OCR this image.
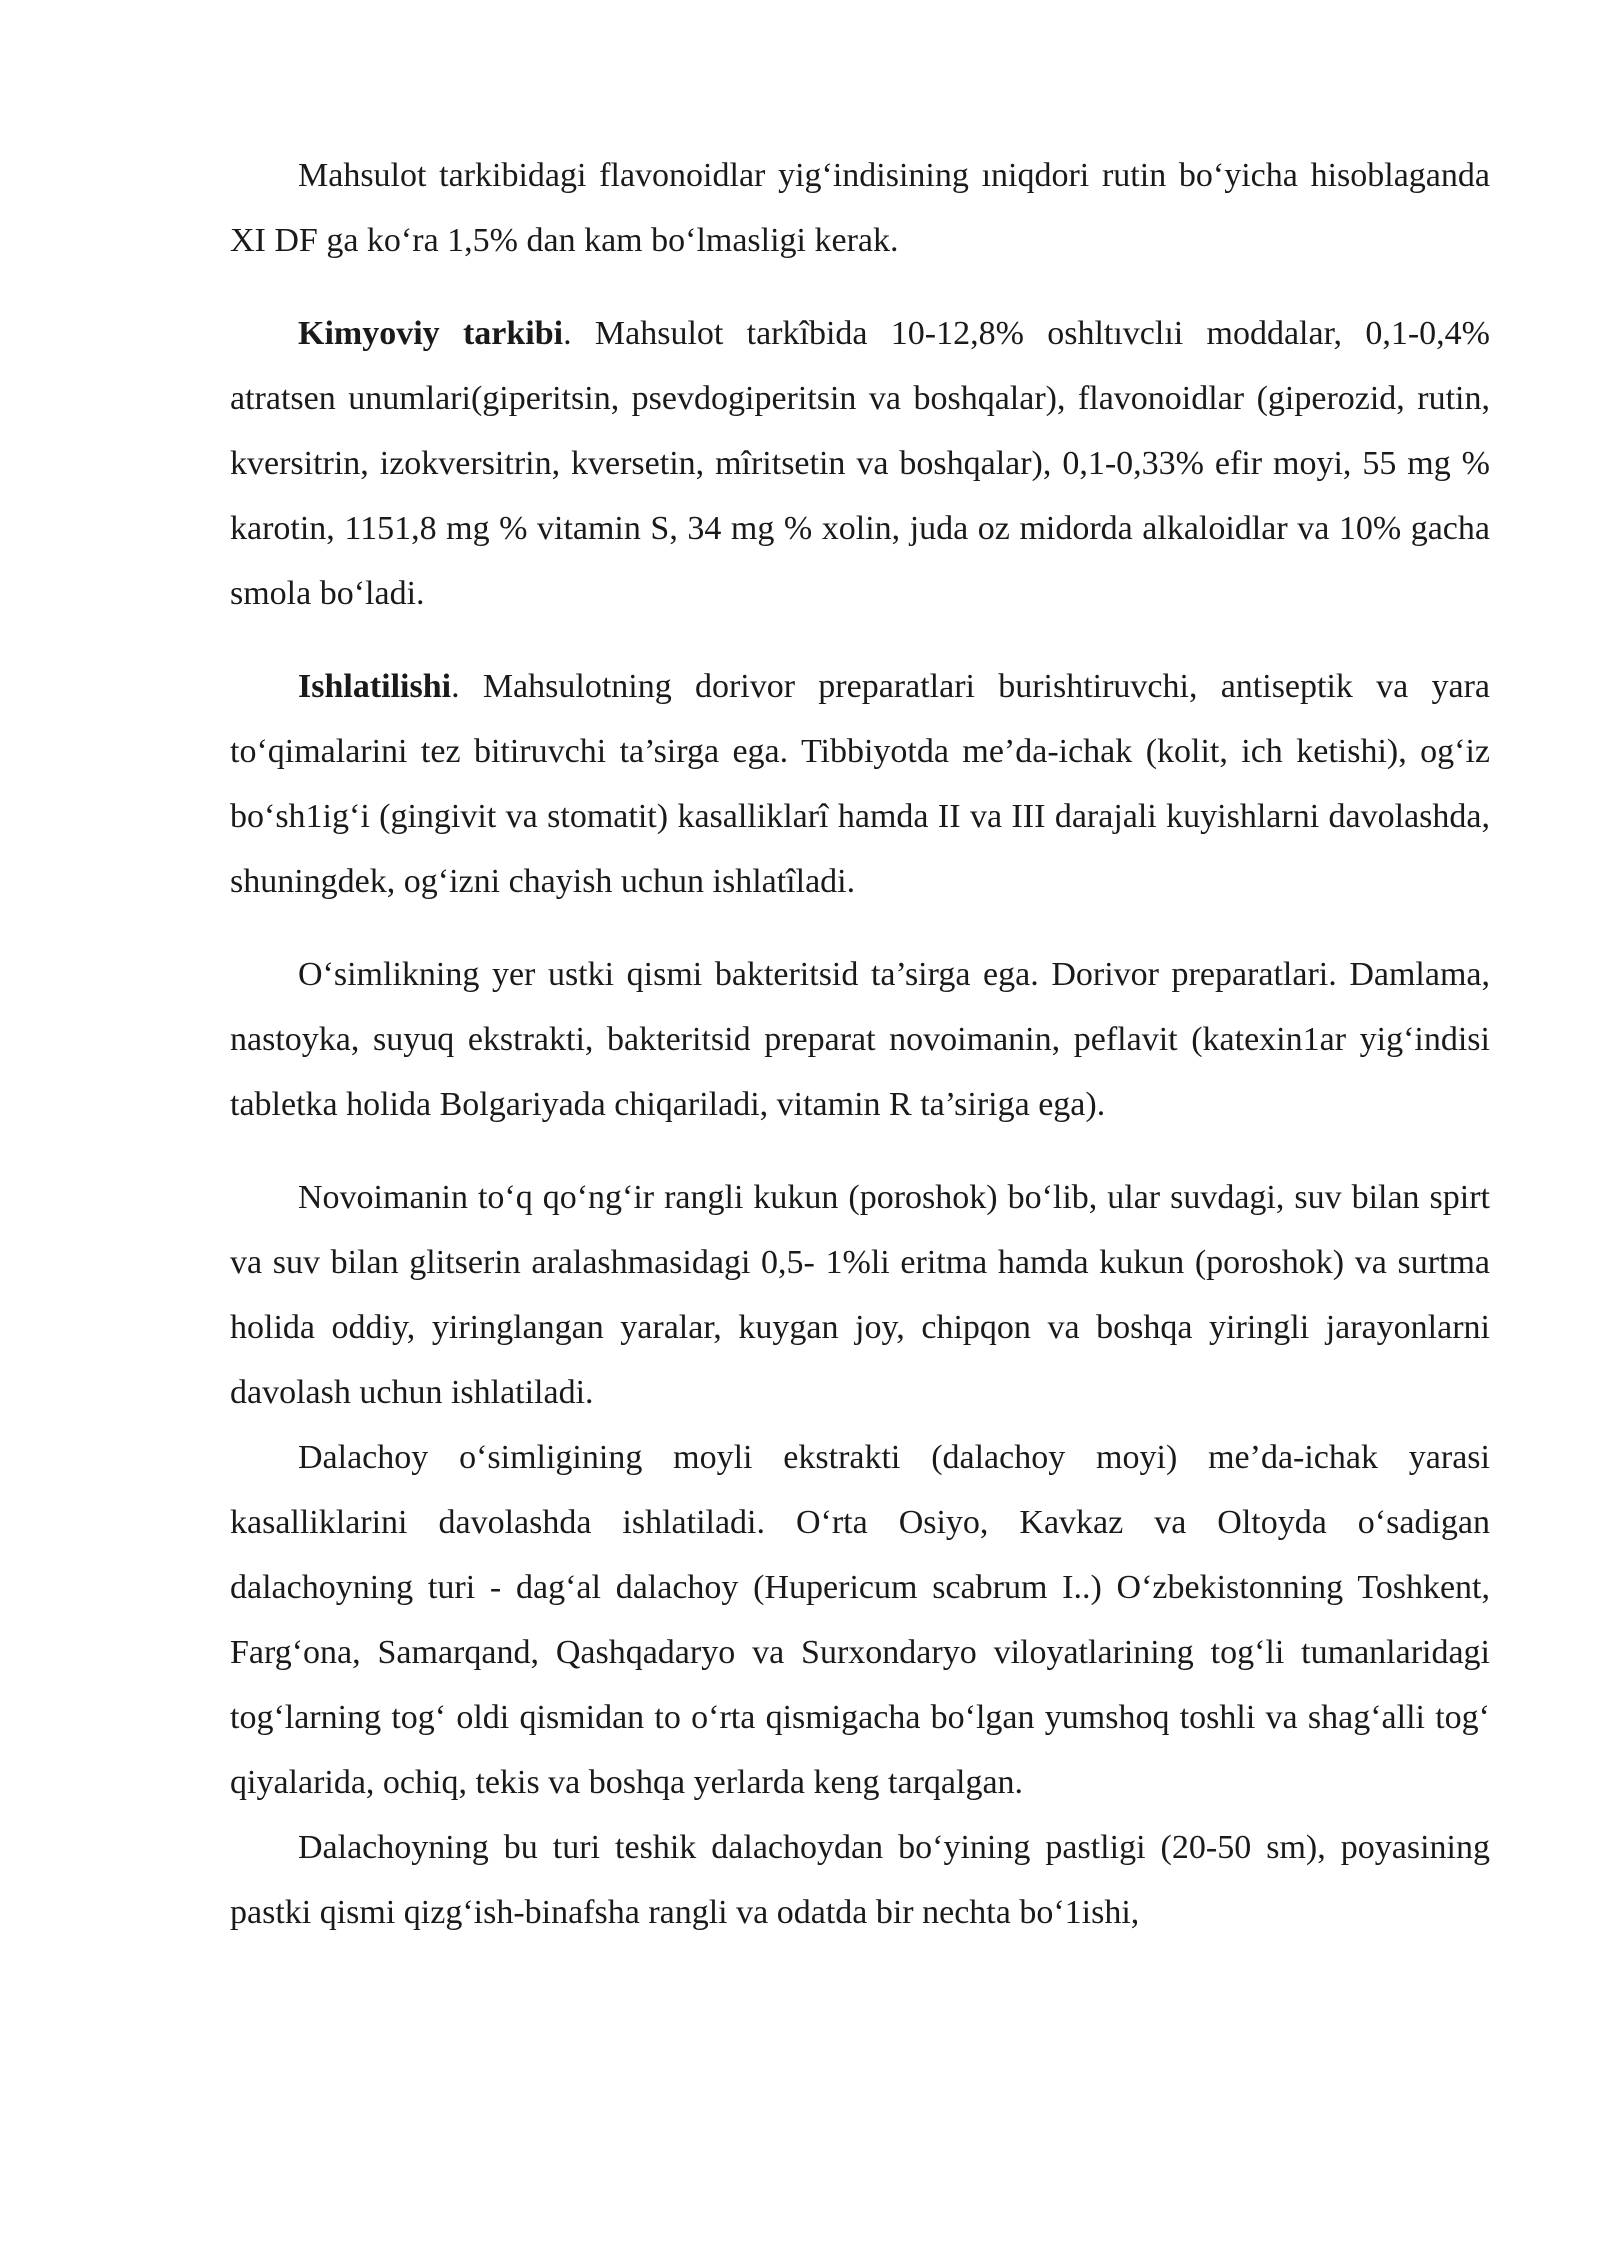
Mahsulot tarkibidagi flavonoidlar yig‘indisining ıniqdori rutin bo‘yicha hisoblaganda XI DF ga ko‘ra 1,5% dan kam bo‘lmasligi kerak.

Kimyoviy tarkibi. Mahsulot tarkîbida 10-12,8% oshltıvclıi moddalar, 0,1-0,4% atratsen unumlari(giperitsin, psevdogiperitsin va boshqalar), flavonoidlar (giperozid, rutin, kversitrin, izokversitrin, kversetin, mîritsetin va boshqalar), 0,1-0,33% efir moyi, 55 mg % karotin, 1151,8 mg % vitamin S, 34 mg % xolin, juda oz midorda alkaloidlar va 10% gacha smola bo‘ladi.

Ishlatilishi. Mahsulotning dorivor preparatlari burishtiruvchi, antiseptik va yara to‘qimalarini tez bitiruvchi ta’sirga ega. Tibbiyotda me’da-ichak (kolit, ich ketishi), og‘iz bo‘sh1ig‘i (gingivit va stomatit) kasalliklarî hamda II va III darajali kuyishlarni davolashda, shuningdek, og‘izni chayish uchun ishlatîladi.

O‘simlikning yer ustki qismi bakteritsid ta’sirga ega. Dorivor preparatlari. Damlama, nastoyka, suyuq ekstrakti, bakteritsid preparat novoimanin, peflavit (katexin1ar yig‘indisi tabletka holida Bolgariyada chiqariladi, vitamin R ta’siriga ega).

Novoimanin to‘q qo‘ng‘ir rangli kukun (poroshok) bo‘lib, ular suvdagi, suv bilan spirt va suv bilan glitserin aralashmasidagi 0,5- 1%li eritma hamda kukun (poroshok) va surtma holida oddiy, yiringlangan yaralar, kuygan joy, chipqon va boshqa yiringli jarayonlarni davolash uchun ishlatiladi.

Dalachoy o‘simligining moyli ekstrakti (dalachoy moyi) me’da-ichak yarasi kasalliklarini davolashda ishlatiladi. O‘rta Osiyo, Kavkaz va Oltoyda o‘sadigan dalachoyning turi - dag‘al dalachoy (Hupericum scabrum I..) O‘zbekistonning Toshkent, Farg‘ona, Samarqand, Qashqadaryo va Surxondaryo viloyatlarining tog‘li tumanlaridagi tog‘larning tog‘ oldi qismidan to o‘rta qismigacha bo‘lgan yumshoq toshli va shag‘alli tog‘ qiyalarida, ochiq, tekis va boshqa yerlarda keng tarqalgan.

Dalachoyning bu turi teshik dalachoydan bo‘yining pastligi (20-50 sm), poyasining pastki qismi qizg‘ish-binafsha rangli va odatda bir nechta bo‘1ishi,
